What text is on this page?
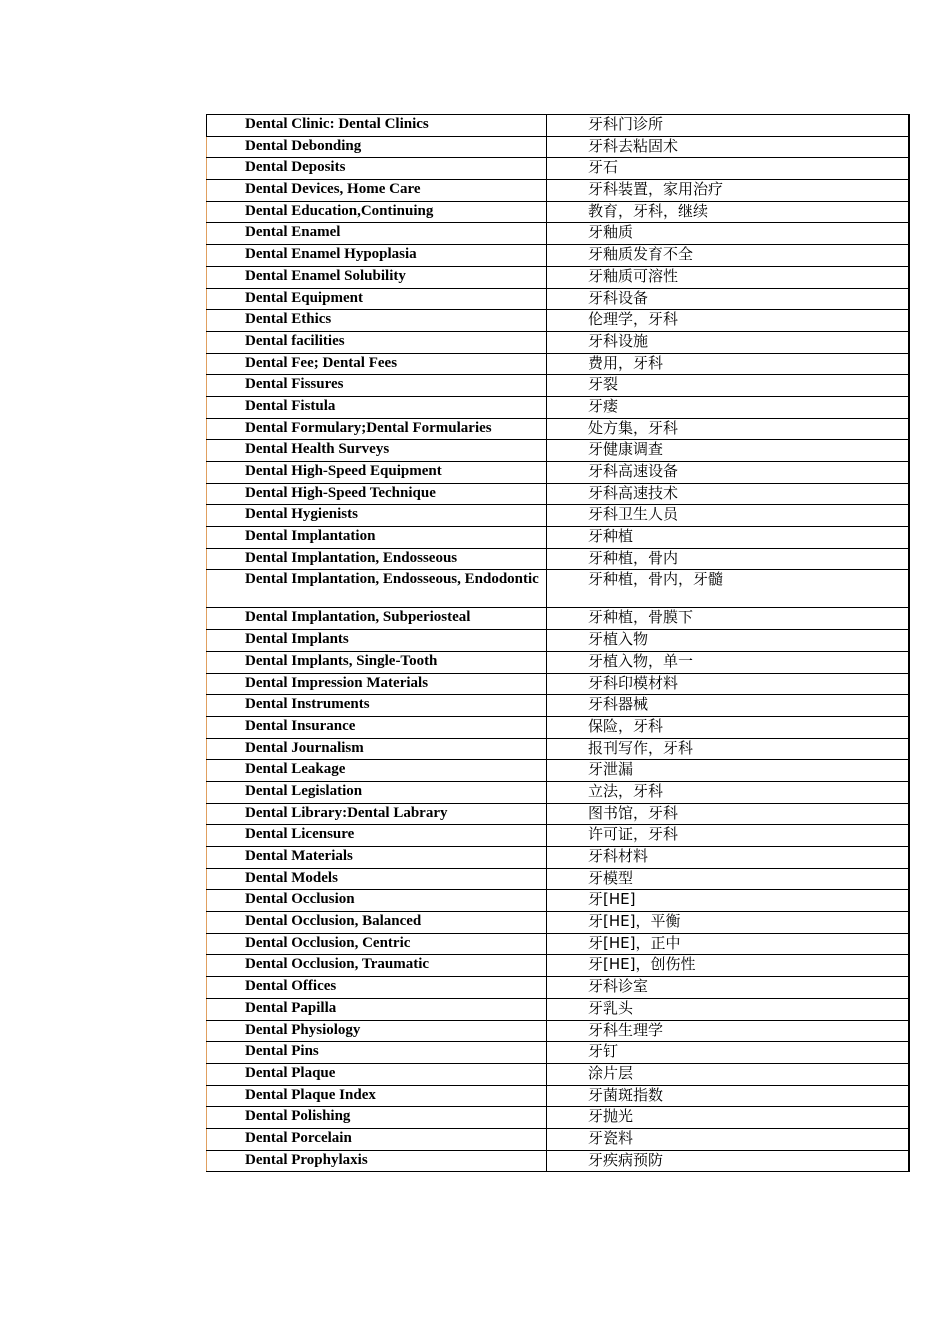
Dental Clinic: Dental Clinics	牙科门诊所
Dental Debonding	牙科去粘固术
Dental Deposits	牙石
Dental Devices, Home Care	牙科装置，家用治疗
Dental Education,Continuing	教育，牙科，继续
Dental Enamel	牙釉质
Dental Enamel Hypoplasia	牙釉质发育不全
Dental Enamel Solubility	牙釉质可溶性
Dental Equipment	牙科设备
Dental Ethics	伦理学，牙科
Dental facilities	牙科设施
Dental Fee; Dental Fees	费用，牙科
Dental Fissures	牙裂
Dental Fistula	牙瘘
Dental Formulary;Dental Formularies	处方集，牙科
Dental Health Surveys	牙健康调查
Dental High-Speed Equipment	牙科高速设备
Dental High-Speed Technique	牙科高速技术
Dental Hygienists	牙科卫生人员
Dental Implantation	牙种植
Dental Implantation, Endosseous	牙种植，骨内
Dental Implantation, Endosseous, Endodontic	牙种植，骨内，牙髓
Dental Implantation, Subperiosteal	牙种植，骨膜下
Dental Implants	牙植入物
Dental Implants, Single-Tooth	牙植入物，单一
Dental Impression Materials	牙科印模材料
Dental Instruments	牙科器械
Dental Insurance	保险，牙科
Dental Journalism	报刊写作，牙科
Dental Leakage	牙泄漏
Dental Legislation	立法，牙科
Dental Library:Dental Labrary	图书馆，牙科
Dental Licensure	许可证，牙科
Dental Materials	牙科材料
Dental Models	牙模型
Dental Occlusion	牙[HE]
Dental Occlusion, Balanced	牙[HE]，平衡
Dental Occlusion, Centric	牙[HE]，正中
Dental Occlusion, Traumatic	牙[HE]，创伤性
Dental Offices	牙科诊室
Dental Papilla	牙乳头
Dental Physiology	牙科生理学
Dental Pins	牙钉
Dental Plaque	涂片层
Dental Plaque Index	牙菌斑指数
Dental Polishing	牙抛光
Dental Porcelain	牙瓷料
Dental Prophylaxis	牙疾病预防
